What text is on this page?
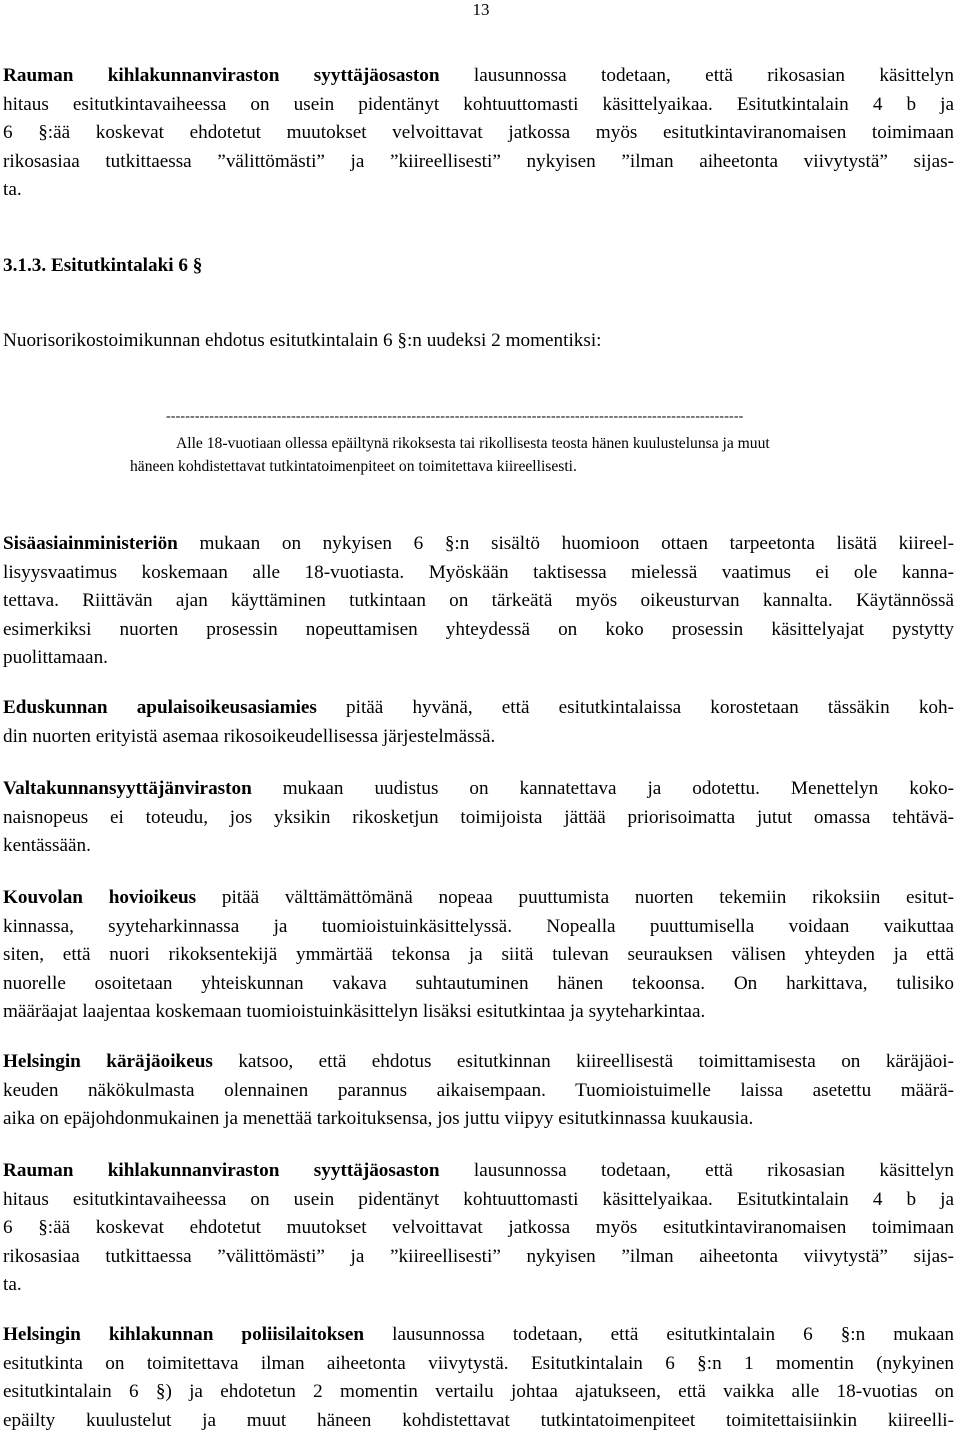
13
Rauman kihlakunnanviraston syyttäjäosaston lausunnossa todetaan, että rikosasian käsittelyn
hitaus esitutkintavaiheessa on usein pidentänyt kohtuuttomasti käsittelyaikaa. Esitutkintalain 4 b ja
6 §:ää koskevat ehdotetut muutokset velvoittavat jatkossa myös esitutkintaviranomaisen toimimaan
rikosasiaa tutkittaessa ”välittömästi” ja ”kiireellisesti” nykyisen ”ilman aiheetonta viivytystä” sijas-
ta.
3.1.3. Esitutkintalaki 6 §
Nuorisorikostoimikunnan ehdotus esitutkintalain 6 §:n uudeksi 2 momentiksi:
------------------------------------------------------------------------------------------------------------------------
Alle 18-vuotiaan ollessa epäiltynä rikoksesta tai rikollisesta teosta hänen kuulustelunsa ja muut
häneen kohdistettavat tutkintatoimenpiteet on toimitettava kiireellisesti.
Sisäasiainministeriön mukaan on nykyisen 6 §:n sisältö huomioon ottaen tarpeetonta lisätä kiireel-
lisyysvaatimus koskemaan alle 18-vuotiasta. Myöskään taktisessa mielessä vaatimus ei ole kanna-
tettava. Riittävän ajan käyttäminen tutkintaan on tärkeätä myös oikeusturvan kannalta. Käytännössä
esimerkiksi nuorten prosessin nopeuttamisen yhteydessä on koko prosessin käsittelyajat pystytty
puolittamaan.
Eduskunnan apulaisoikeusasiamies pitää hyvänä, että esitutkintalaissa korostetaan tässäkin koh-
din nuorten erityistä asemaa rikosoikeudellisessa järjestelmässä.
Valtakunnansyyttäjänviraston mukaan uudistus on kannatettava ja odotettu. Menettelyn koko-
naisnopeus ei toteudu, jos yksikin rikosketjun toimijoista jättää priorisoimatta jutut omassa tehtävä-
kentässään.
Kouvolan hovioikeus pitää välttämättömänä nopeaa puuttumista nuorten tekemiin rikoksiin esitut-
kinnassa, syyteharkinnassa ja tuomioistuinkäsittelyssä. Nopealla puuttumisella voidaan vaikuttaa
siten, että nuori rikoksentekijä ymmärtää tekonsa ja siitä tulevan seurauksen välisen yhteyden ja että
nuorelle osoitetaan yhteiskunnan vakava suhtautuminen hänen tekoonsa. On harkittava, tulisiko
määräajat laajentaa koskemaan tuomioistuinkäsittelyn lisäksi esitutkintaa ja syyteharkintaa.
Helsingin käräjäoikeus katsoo, että ehdotus esitutkinnan kiireellisestä toimittamisesta on käräjäoi-
keuden näkökulmasta olennainen parannus aikaisempaan. Tuomioistuimelle laissa asetettu määrä-
aika on epäjohdonmukainen ja menettää tarkoituksensa, jos juttu viipyy esitutkinnassa kuukausia.
Rauman kihlakunnanviraston syyttäjäosaston lausunnossa todetaan, että rikosasian käsittelyn
hitaus esitutkintavaiheessa on usein pidentänyt kohtuuttomasti käsittelyaikaa. Esitutkintalain 4 b ja
6 §:ää koskevat ehdotetut muutokset velvoittavat jatkossa myös esitutkintaviranomaisen toimimaan
rikosasiaa tutkittaessa ”välittömästi” ja ”kiireellisesti” nykyisen ”ilman aiheetonta viivytystä” sijas-
ta.
Helsingin kihlakunnan poliisilaitoksen lausunnossa todetaan, että esitutkintalain 6 §:n mukaan
esitutkinta on toimitettava ilman aiheetonta viivytystä. Esitutkintalain 6 §:n 1 momentin (nykyinen
esitutkintalain 6 §) ja ehdotetun 2 momentin vertailu johtaa ajatukseen, että vaikka alle 18-vuotias on
epäilty kuulustelut ja muut häneen kohdistettavat tutkintatoimenpiteet toimitettaisiinkin kiireelli-
